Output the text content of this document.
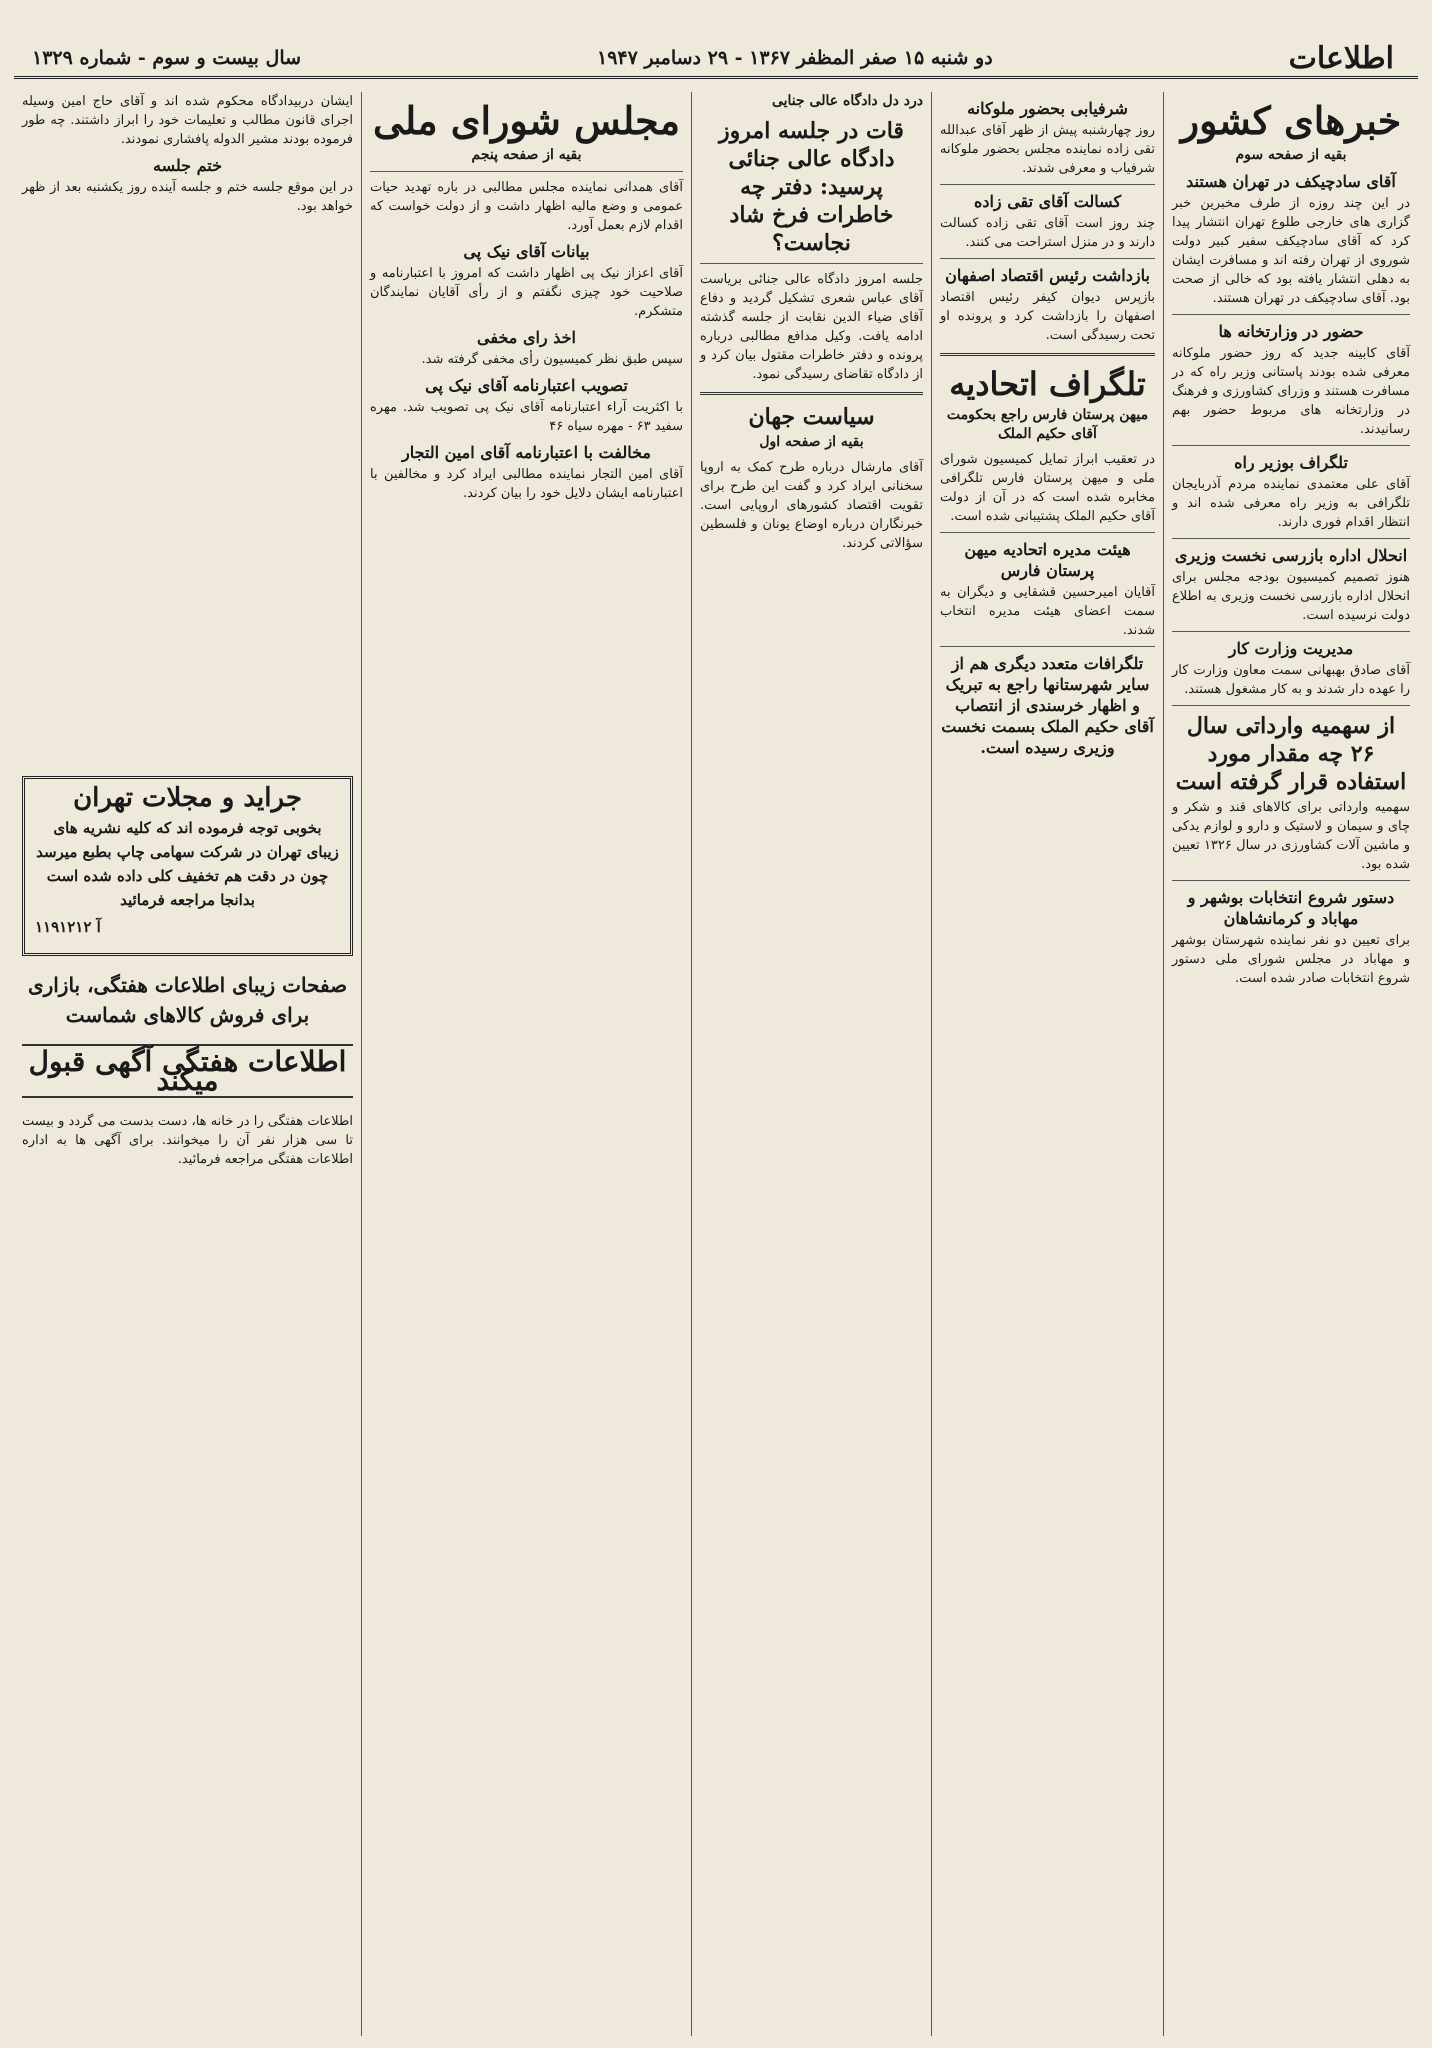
اطلاعات
دو شنبه ۱۵ صفر المظفر ۱۳۶۷ - ۲۹ دسامبر ۱۹۴۷
سال بیست و سوم - شماره ۱۳۲۹
خبرهای کشور
بقیه از صفحه سوم
آقای سادچیکف در تهران هستند

در این چند روزه از طرف مخبرین خبر گزاری های خارجی طلوع تهران انتشار پیدا کرد که آقای سادچیکف سفیر کبیر دولت شوروی از تهران رفته اند و مسافرت ایشان به دهلی انتشار یافته بود که خالی از صحت بود. آقای سادچیکف در تهران هستند.

حضور در وزارتخانه ها

آقای کابینه جدید که روز حضور ملوکانه معرفی شده بودند پاستانی وزیر راه که در مسافرت هستند و وزرای کشاورزی و فرهنگ در وزارتخانه های مربوط حضور بهم رسانیدند.

تلگراف بوزیر راه

آقای علی معتمدی نماینده مردم آذربایجان تلگرافی به وزیر راه معرفی شده اند و انتظار اقدام فوری دارند.

انحلال اداره بازرسی نخست وزیری

هنوز تصمیم کمیسیون بودجه مجلس برای انحلال اداره بازرسی نخست وزیری به اطلاع دولت نرسیده است.

مدیریت وزارت کار

آقای صادق بهبهانی سمت معاون وزارت کار را عهده دار شدند و به کار مشغول هستند.

از سهمیه وارداتی سال ۲۶ چه مقدار مورد استفاده قرار گرفته است

سهمیه وارداتی برای کالاهای قند و شکر و چای و سیمان و لاستیک و دارو و لوازم یدکی و ماشین آلات کشاورزی در سال ۱۳۲۶ تعیین شده بود.

دستور شروع انتخابات بوشهر و مهاباد و کرمانشاهان

برای تعیین دو نفر نماینده شهرستان بوشهر و مهاباد در مجلس شورای ملی دستور شروع انتخابات صادر شده است.

شرفیابی بحضور ملوکانه

روز چهارشنبه پیش از ظهر آقای عبدالله تقی زاده نماینده مجلس بحضور ملوکانه شرفیاب و معرفی شدند.

کسالت آقای تقی زاده

چند روز است آقای تقی زاده کسالت دارند و در منزل استراحت می کنند.

بازداشت رئیس اقتصاد اصفهان

بازپرس دیوان کیفر رئیس اقتصاد اصفهان را بازداشت کرد و پرونده او تحت رسیدگی است.

تلگراف اتحادیه
میهن پرستان فارس راجع بحکومت آقای حکیم الملک

در تعقیب ابراز تمایل کمیسیون شورای ملی و میهن پرستان فارس تلگرافی مخابره شده است که در آن از دولت آقای حکیم الملک پشتیبانی شده است.

هیئت مدیره اتحادیه میهن پرستان فارس

آقایان امیرحسین قشقایی و دیگران به سمت اعضای هیئت مدیره انتخاب شدند.

تلگرافات متعدد دیگری هم از سایر شهرستانها راجع به تبریک و اظهار خرسندی از انتصاب آقای حکیم الملک بسمت نخست وزیری رسیده است.
درد دل دادگاه عالی جنایی
قات در جلسه امروز دادگاه عالی جنائی پرسید: دفتر چه خاطرات فرخ شاد نجاست؟

جلسه امروز دادگاه عالی جنائی بریاست آقای عباس شعری تشکیل گردید و دفاع آقای ضیاء الدین نقابت از جلسه گذشته ادامه یافت. وکیل مدافع مطالبی درباره پرونده و دفتر خاطرات مقتول بیان کرد و از دادگاه تقاضای رسیدگی نمود.

سیاست جهان
بقیه از صفحه اول

آقای مارشال درباره طرح کمک به اروپا سخنانی ایراد کرد و گفت این طرح برای تقویت اقتصاد کشورهای اروپایی است. خبرنگاران درباره اوضاع یونان و فلسطین سؤالاتی کردند.

مجلس شورای ملی
بقیه از صفحه پنجم

آقای همدانی نماینده مجلس مطالبی در باره تهدید حیات عمومی و وضع مالیه اظهار داشت و از دولت خواست که اقدام لازم بعمل آورد.

بیانات آقای نیک پی

آقای اعزاز نیک پی اظهار داشت که امروز با اعتبارنامه و صلاحیت خود چیزی نگفتم و از رأی آقایان نمایندگان متشکرم.

اخذ رای مخفی

سپس طبق نظر کمیسیون رأی مخفی گرفته شد.

تصویب اعتبارنامه آقای نیک پی

با اکثریت آراء اعتبارنامه آقای نیک پی تصویب شد. مهره سفید ۶۳ - مهره سیاه ۴۶

مخالفت با اعتبارنامه آقای امین التجار

آقای امین التجار نماینده مطالبی ایراد کرد و مخالفین با اعتبارنامه ایشان دلایل خود را بیان کردند.

ایشان دربیدادگاه محکوم شده اند و آقای حاج امین وسیله اجرای قانون مطالب و تعلیمات خود را ابراز داشتند. چه طور فرموده بودند مشیر الدوله پافشاری نمودند.

ختم جلسه

در این موقع جلسه ختم و جلسه آینده روز یکشنبه بعد از ظهر خواهد بود.

جراید و مجلات تهران
بخوبی توجه فرموده اند که کلیه نشریه های زیبای تهران در شرکت سهامی چاپ بطبع میرسد چون در دقت هم تخفیف کلی داده شده است بدانجا مراجعه فرمائید
۱۱۹۱۲۱۲ آ
صفحات زیبای اطلاعات هفتگی، بازاری برای فروش کالاهای شماست
اطلاعات هفتگی آگهی قبول میکند

اطلاعات هفتگی را در خانه ها، دست بدست می گردد و بیست تا سی هزار نفر آن را میخوانند. برای آگهی ها به اداره اطلاعات هفتگی مراجعه فرمائید.
